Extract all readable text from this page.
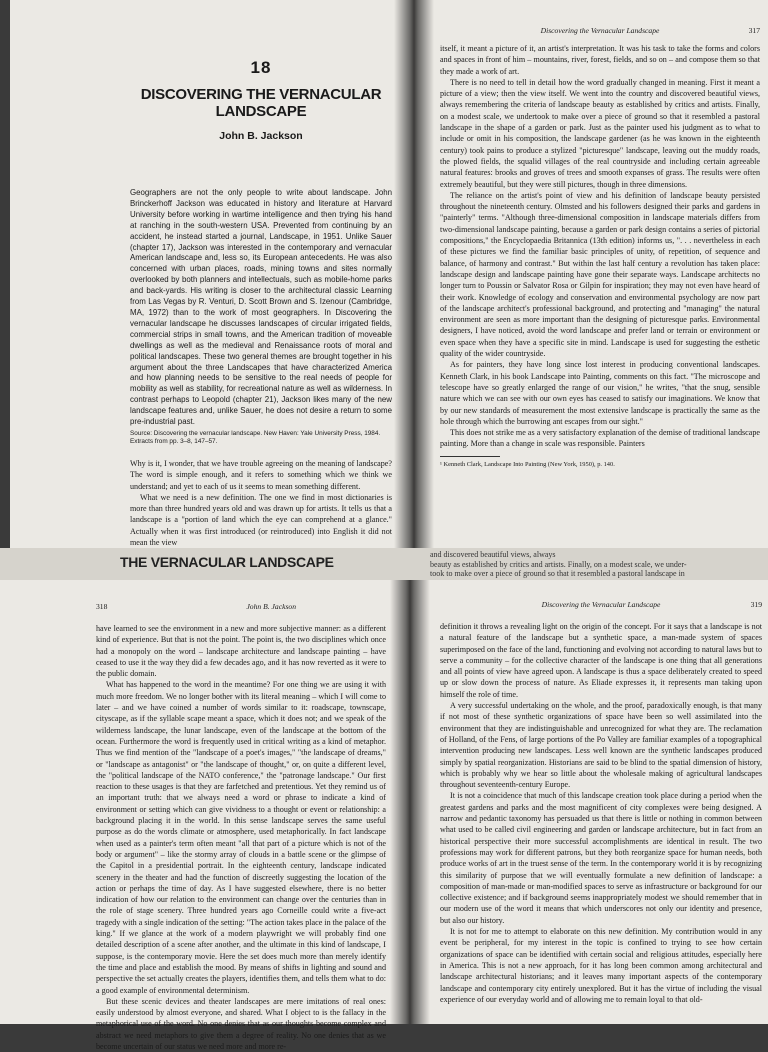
18
DISCOVERING THE VERNACULAR LANDSCAPE
John B. Jackson

Geographers are not the only people to write about landscape. John Brinckerhoff Jackson was educated in history and literature at Harvard University before working in wartime intelligence and then trying his hand at ranching in the south-western USA. Prevented from continuing by an accident, he instead started a journal, Landscape, in 1951. Unlike Sauer (chapter 17), Jackson was interested in the contemporary and vernacular American landscape and, less so, its European antecedents. He was also concerned with urban places, roads, mining towns and sites normally overlooked by both planners and intellectuals, such as mobile-home parks and back-yards. His writing is closer to the architectural classic Learning from Las Vegas by R. Venturi, D. Scott Brown and S. Izenour (Cambridge, MA, 1972) than to the work of most geographers. In Discovering the vernacular landscape he discusses landscapes of circular irrigated fields, commercial strips in small towns, and the American tradition of moveable dwellings as well as the medieval and Renaissance roots of moral and political landscapes. These two general themes are brought together in his argument about the three Landscapes that have characterized America and how planning needs to be sensitive to the real needs of people for mobility as well as stability, for recreational nature as well as wilderness. In contrast perhaps to Leopold (chapter 21), Jackson likes many of the new landscape features and, unlike Sauer, he does not desire a return to some pre-industrial past.

Source: Discovering the vernacular landscape. New Haven: Yale University Press, 1984. Extracts from pp. 3–8, 147–57.

Why is it, I wonder, that we have trouble agreeing on the meaning of landscape? The word is simple enough, and it refers to something which we think we understand; and yet to each of us it seems to mean something different.

What we need is a new definition. The one we find in most dictionaries is more than three hundred years old and was drawn up for artists. It tells us that a landscape is a "portion of land which the eye can comprehend at a glance." Actually when it was first introduced (or reintroduced) into English it did not mean the view

Discovering the Vernacular Landscape	317

itself, it meant a picture of it, an artist's interpretation. It was his task to take the forms and colors and spaces in front of him – mountains, river, forest, fields, and so on – and compose them so that they made a work of art.

There is no need to tell in detail how the word gradually changed in meaning. First it meant a picture of a view; then the view itself. We went into the country and discovered beautiful views, always remembering the criteria of landscape beauty as established by critics and artists. Finally, on a modest scale, we undertook to make over a piece of ground so that it resembled a pastoral landscape in the shape of a garden or park. Just as the painter used his judgment as to what to include or omit in his composition, the landscape gardener (as he was known in the eighteenth century) took pains to produce a stylized "picturesque" landscape, leaving out the muddy roads, the plowed fields, the squalid villages of the real countryside and including certain agreeable natural features: brooks and groves of trees and smooth expanses of grass. The results were often extremely beautiful, but they were still pictures, though in three dimensions.

The reliance on the artist's point of view and his definition of landscape beauty persisted throughout the nineteenth century. Olmsted and his followers designed their parks and gardens in "painterly" terms. "Although three-dimensional composition in landscape materials differs from two-dimensional landscape painting, because a garden or park design contains a series of pictorial compositions," the Encyclopaedia Britannica (13th edition) informs us, ". . . nevertheless in each of these pictures we find the familiar basic principles of unity, of repetition, of sequence and balance, of harmony and contrast." But within the last half century a revolution has taken place: landscape design and landscape painting have gone their separate ways. Landscape architects no longer turn to Poussin or Salvator Rosa or Gilpin for inspiration; they may not even have heard of their work. Knowledge of ecology and conservation and environmental psychology are now part of the landscape architect's professional background, and protecting and "managing" the natural environment are seen as more important than the designing of picturesque parks. Environmental designers, I have noticed, avoid the word landscape and prefer land or terrain or environment or even space when they have a specific site in mind. Landscape is used for suggesting the esthetic quality of the wider countryside.

As for painters, they have long since lost interest in producing conventional landscapes. Kenneth Clark, in his book Landscape into Painting, comments on this fact. "The microscope and telescope have so greatly enlarged the range of our vision," he writes, "that the snug, sensible nature which we can see with our own eyes has ceased to satisfy our imaginations. We know that by our new standards of measurement the most extensive landscape is practically the same as the hole through which the burrowing ant escapes from our sight."

This does not strike me as a very satisfactory explanation of the demise of traditional landscape painting. More than a change in scale was responsible. Painters

¹ Kenneth Clark, Landscape Into Painting (New York, 1950), p. 140.
THE VERNACULAR LANDSCAPE	and discovered beautiful views, always
beauty as established by critics and artists. Finally, on a modest scale, we under-
took to make over a piece of ground so that it resembled a pastoral landscape in
318	John B. Jackson

have learned to see the environment in a new and more subjective manner: as a different kind of experience. But that is not the point. The point is, the two disciplines which once had a monopoly on the word – landscape architecture and landscape painting – have ceased to use it the way they did a few decades ago, and it has now reverted as it were to the public domain.

What has happened to the word in the meantime? For one thing we are using it with much more freedom. We no longer bother with its literal meaning – which I will come to later – and we have coined a number of words similar to it: roadscape, townscape, cityscape, as if the syllable scape meant a space, which it does not; and we speak of the wilderness landscape, the lunar landscape, even of the landscape at the bottom of the ocean. Furthermore the word is frequently used in critical writing as a kind of metaphor. Thus we find mention of the "landscape of a poet's images," "the landscape of dreams," or "landscape as antagonist" or "the landscape of thought," or, on quite a different level, the "political landscape of the NATO conference," the "patronage landscape." Our first reaction to these usages is that they are farfetched and pretentious. Yet they remind us of an important truth: that we always need a word or phrase to indicate a kind of environment or setting which can give vividness to a thought or event or relationship: a background placing it in the world. In this sense landscape serves the same useful purpose as do the words climate or atmosphere, used metaphorically. In fact landscape when used as a painter's term often meant "all that part of a picture which is not of the body or argument" – like the stormy array of clouds in a battle scene or the glimpse of the Capitol in a presidential portrait. In the eighteenth century, landscape indicated scenery in the theater and had the function of discreetly suggesting the location of the action or perhaps the time of day. As I have suggested elsewhere, there is no better indication of how our relation to the environment can change over the centuries than in the role of stage scenery. Three hundred years ago Corneille could write a five-act tragedy with a single indication of the setting: "The action takes place in the palace of the king." If we glance at the work of a modern playwright we will probably find one detailed description of a scene after another, and the ultimate in this kind of landscape, I suppose, is the contemporary movie. Here the set does much more than merely identify the time and place and establish the mood. By means of shifts in lighting and sound and perspective the set actually creates the players, identifies them, and tells them what to do: a good example of environmental determinism.

But these scenic devices and theater landscapes are mere imitations of real ones: easily understood by almost everyone, and shared. What I object to is the fallacy in the metaphorical use of the word. No one denies that as our thoughts become complex and abstract we need metaphors to give them a degree of reality. No one denies that as we become uncertain of our status we need more and more re-

Discovering the Vernacular Landscape	319

definition it throws a revealing light on the origin of the concept. For it says that a landscape is not a natural feature of the landscape but a synthetic space, a man-made system of spaces superimposed on the face of the land, functioning and evolving not according to natural laws but to serve a community – for the collective character of the landscape is one thing that all generations and all points of view have agreed upon. A landscape is thus a space deliberately created to speed up or slow down the process of nature. As Eliade expresses it, it represents man taking upon himself the role of time.

A very successful undertaking on the whole, and the proof, paradoxically enough, is that many if not most of these synthetic organizations of space have been so well assimilated into the environment that they are indistinguishable and unrecognized for what they are. The reclamation of Holland, of the Fens, of large portions of the Po Valley are familiar examples of a topographical intervention producing new landscapes. Less well known are the synthetic landscapes produced simply by spatial reorganization. Historians are said to be blind to the spatial dimension of history, which is probably why we hear so little about the wholesale making of agricultural landscapes throughout seventeenth-century Europe.

It is not a coincidence that much of this landscape creation took place during a period when the greatest gardens and parks and the most magnificent of city complexes were being designed. A narrow and pedantic taxonomy has persuaded us that there is little or nothing in common between what used to be called civil engineering and garden or landscape architecture, but in fact from an historical perspective their more successful accomplishments are identical in result. The two professions may work for different patrons, but they both reorganize space for human needs, both produce works of art in the truest sense of the term. In the contemporary world it is by recognizing this similarity of purpose that we will eventually formulate a new definition of landscape: a composition of man-made or man-modified spaces to serve as infrastructure or background for our collective existence; and if background seems inappropriately modest we should remember that in our modern use of the word it means that which underscores not only our identity and presence, but also our history.

It is not for me to attempt to elaborate on this new definition. My contribution would in any event be peripheral, for my interest in the topic is confined to trying to see how certain organizations of space can be identified with certain social and religious attitudes, especially here in America. This is not a new approach, for it has long been common among architectural and landscape architectural historians; and it leaves many important aspects of the contemporary landscape and contemporary city entirely unexplored. But it has the virtue of including the visual experience of our everyday world and of allowing me to remain loyal to that old-
